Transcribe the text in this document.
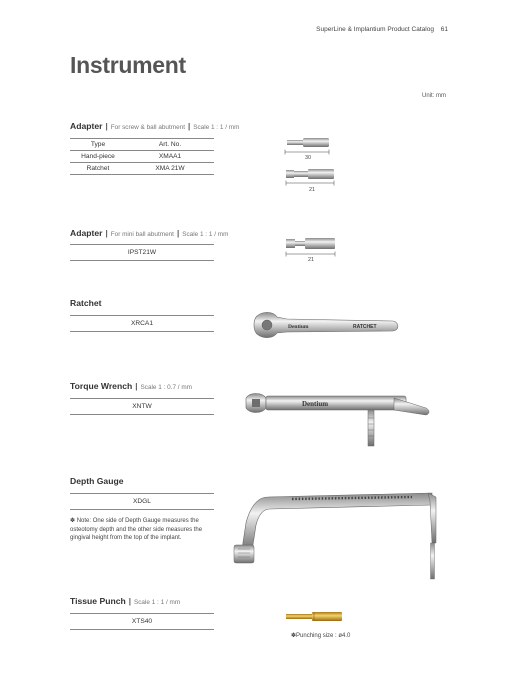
SuperLine & Implantium Product Catalog 61
Instrument
Unit: mm
Adapter | For screw & ball abutment | Scale 1 : 1 / mm
Type	Art. No.
Hand-piece	XMAA1
Ratchet	XMA 21W
30
21
Adapter | For mini ball abutment | Scale 1 : 1 / mm
IPST21W
21
Ratchet
XRCA1	Dentium	RATCHET
Torque Wrench | Scale 1 : 0.7 / mm
XNTW	Dentium
Depth Gauge
XDGL
✽ Note: One side of Depth Gauge measures the osteotomy depth and the other side measures the gingival height from the top of the implant.
Tissue Punch | Scale 1 : 1 / mm
XTS40
✽Punching size : ø4.0
